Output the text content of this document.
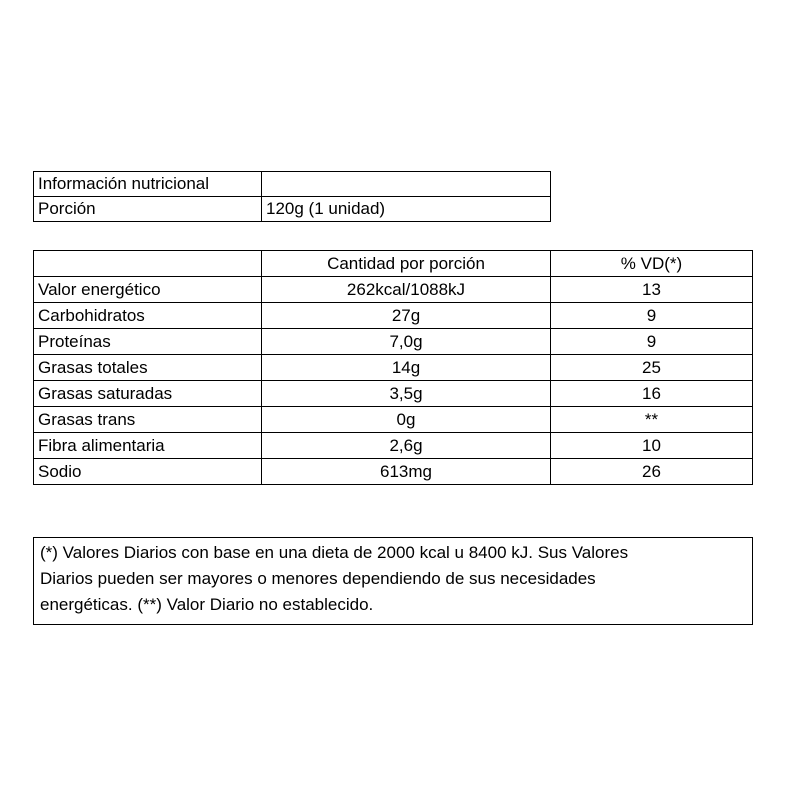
Información nutricional	
Porción	120g (1 unidad)
	Cantidad por porción	% VD(*)
Valor energético	262kcal/1088kJ	13
Carbohidratos	27g	9
Proteínas	7,0g	9
Grasas totales	14g	25
Grasas saturadas	3,5g	16
Grasas trans	0g	**
Fibra alimentaria	2,6g	10
Sodio	613mg	26
(*) Valores Diarios con base en una dieta de 2000 kcal u 8400 kJ. Sus Valores
Diarios pueden ser mayores o menores dependiendo de sus necesidades
energéticas. (**) Valor Diario no establecido.
